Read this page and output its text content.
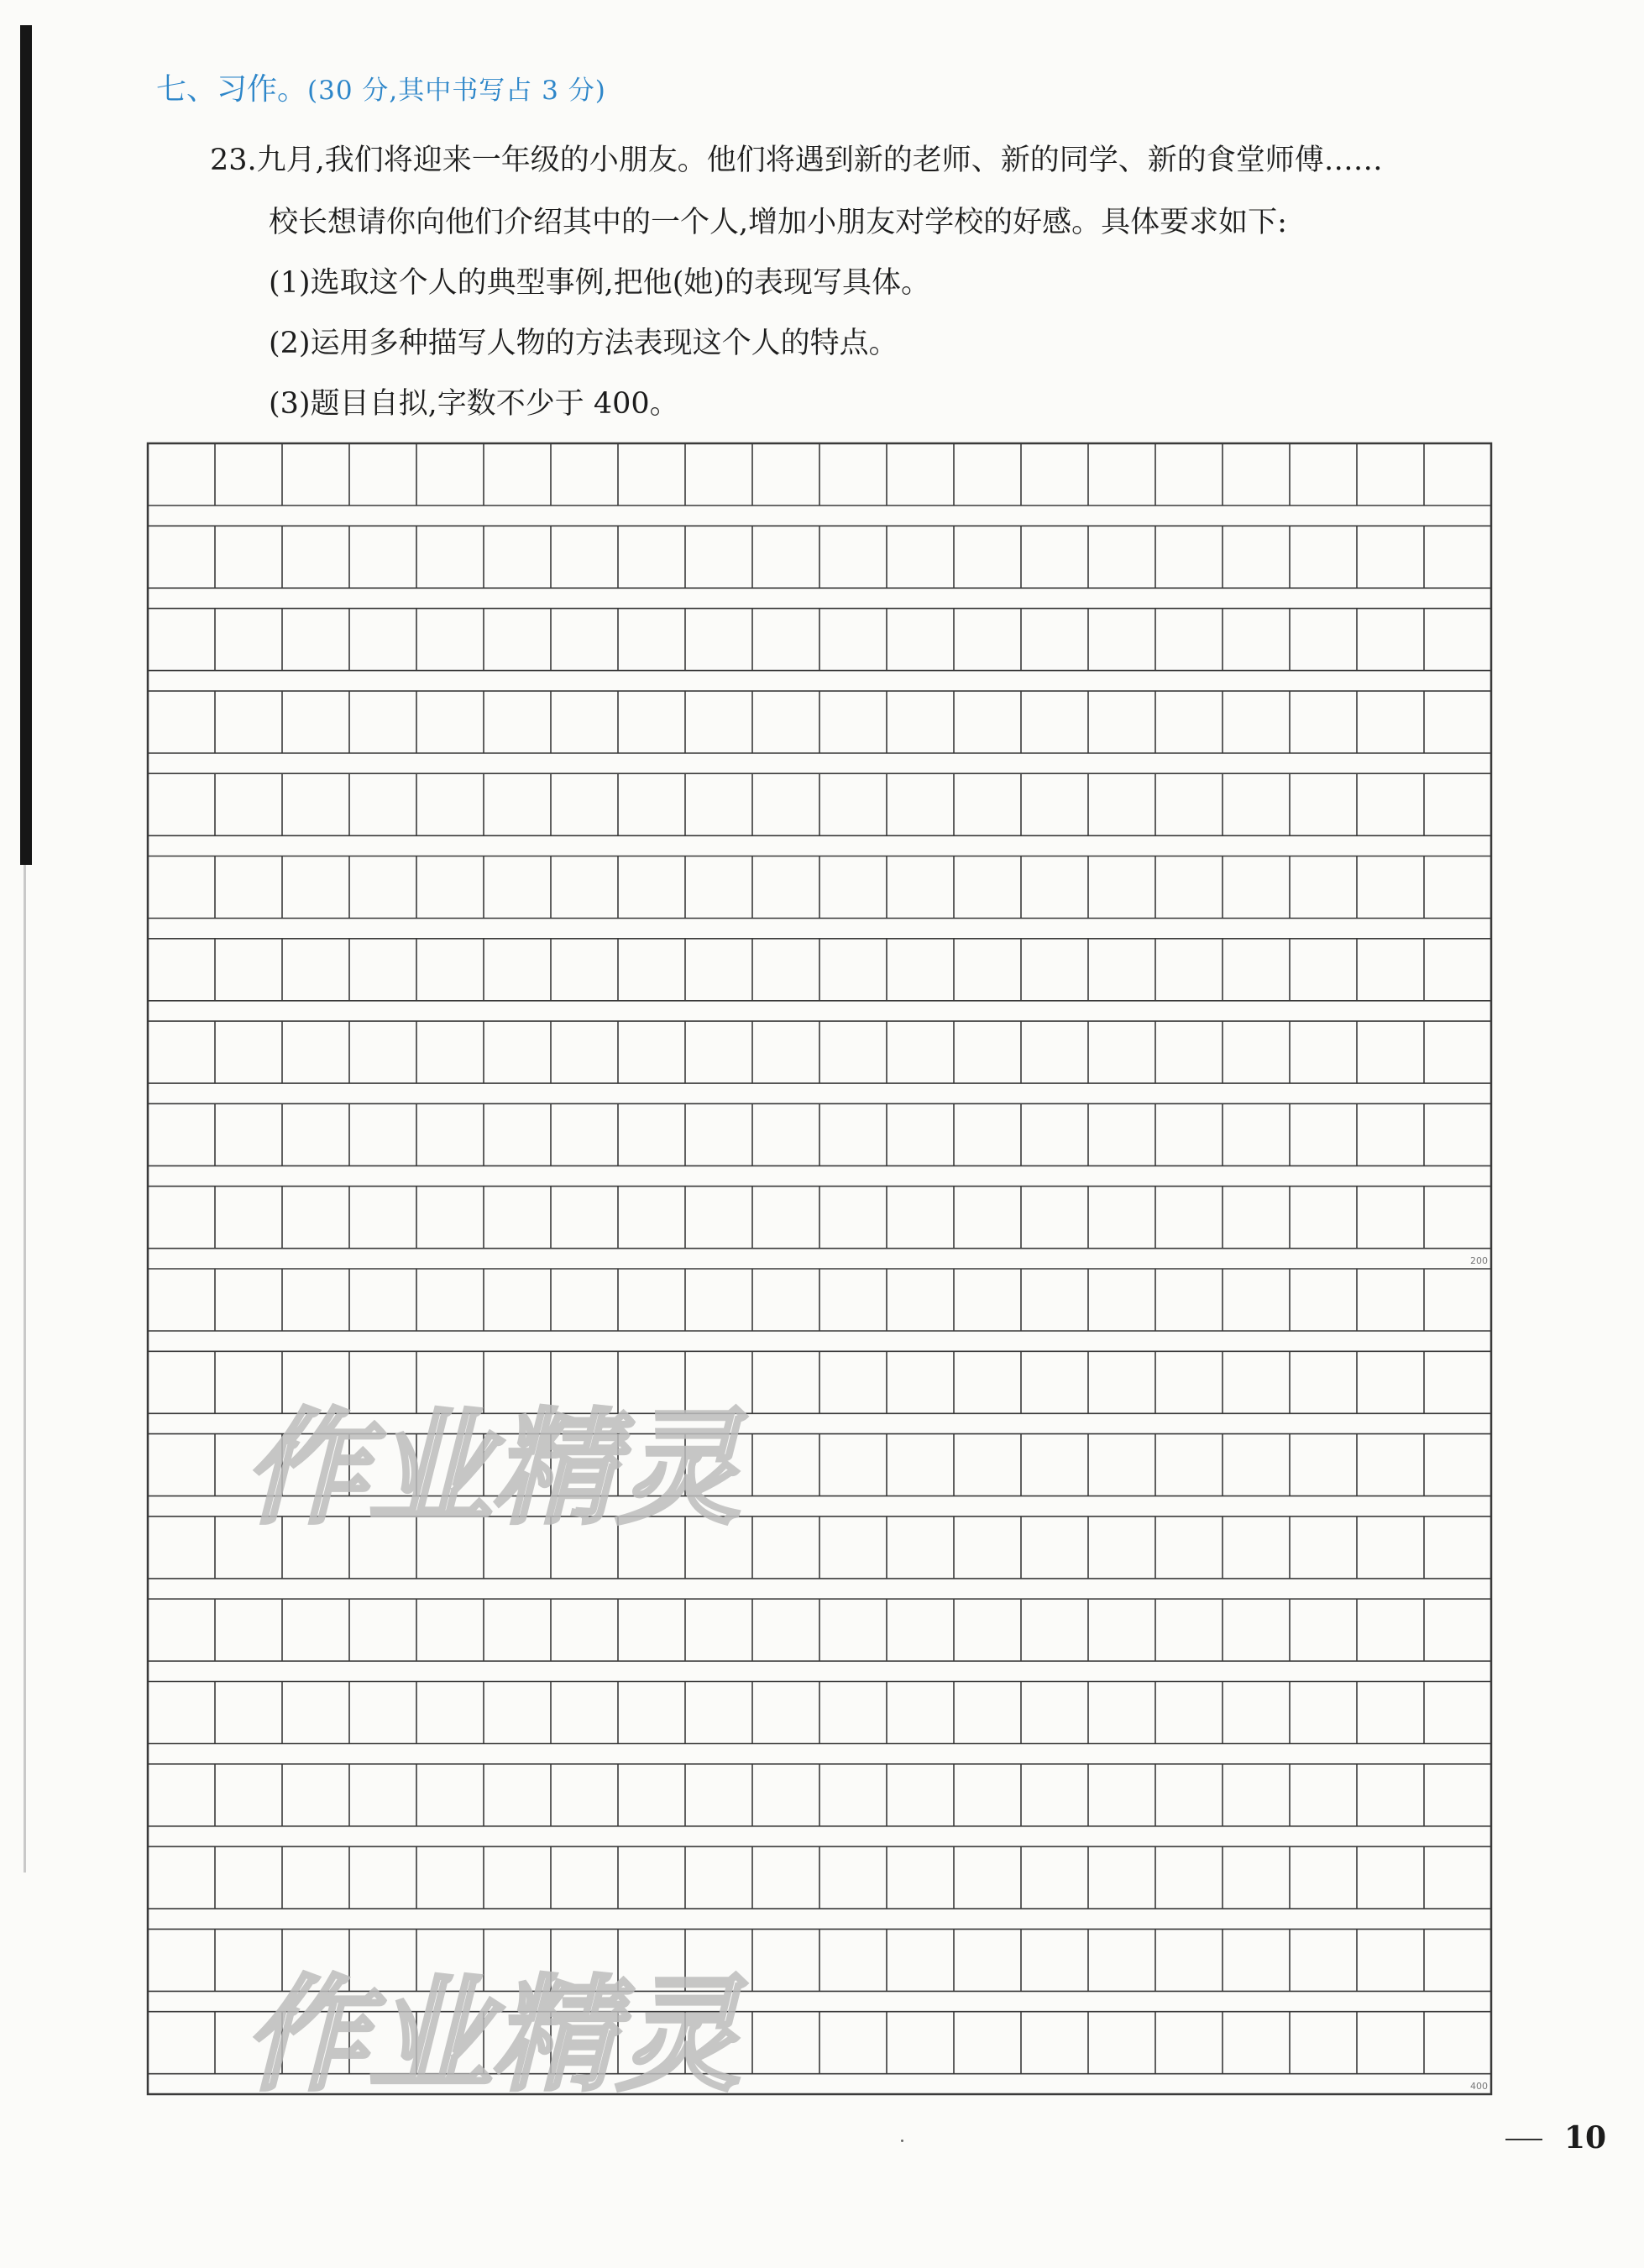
七、习作。(30 分,其中书写占 3 分)

23.九月,我们将迎来一年级的小朋友。他们将遇到新的老师、新的同学、新的食堂师傅……

校长想请你向他们介绍其中的一个人,增加小朋友对学校的好感。具体要求如下:

(1)选取这个人的典型事例,把他(她)的表现写具体。

(2)运用多种描写人物的方法表现这个人的特点。

(3)题目自拟,字数不少于 400。

200
400
作业精灵
作业精灵
10
